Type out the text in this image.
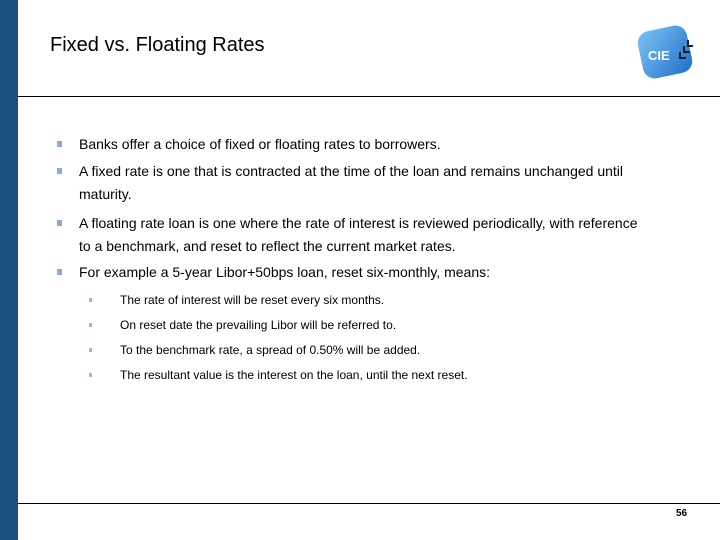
Fixed vs. Floating Rates	CIE
Banks offer a choice of fixed or floating rates to borrowers.
A fixed rate is one that is contracted at the time of the loan and remains unchanged until maturity.
A floating rate loan is one where the rate of interest is reviewed periodically, with reference to a benchmark, and reset to reflect the current market rates.
For example a 5-year Libor+50bps loan, reset six-monthly, means:
The rate of interest will be reset every six months.
On reset date the prevailing Libor will be referred to.
To the benchmark rate, a spread of 0.50% will be added.
The resultant value is the interest on the loan, until the next reset.
56
